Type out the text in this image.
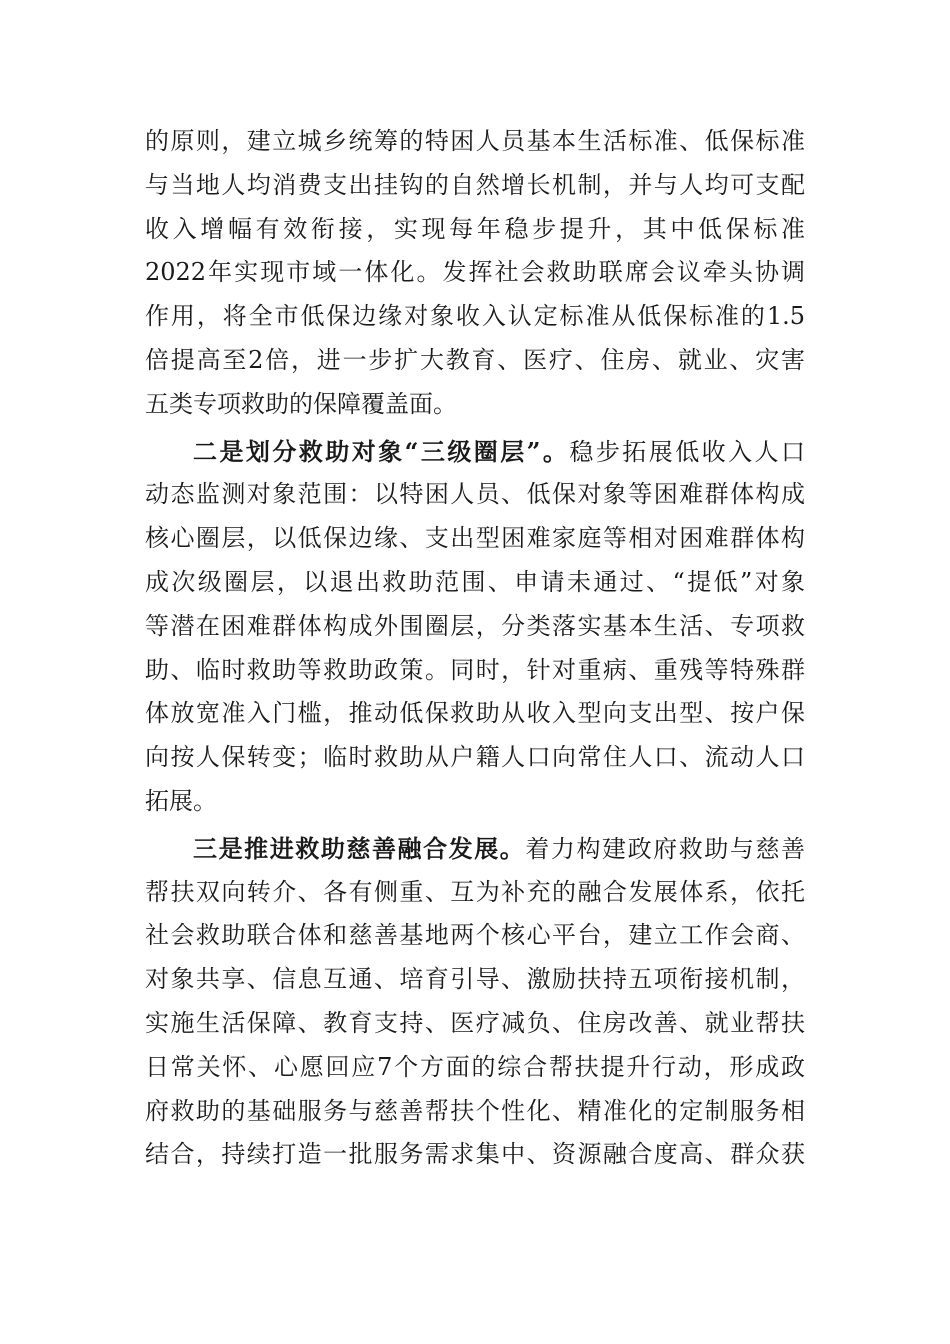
的原则，建立城乡统筹的特困人员基本生活标准、低保标准
与当地人均消费支出挂钩的自然增长机制，并与人均可支配
收入增幅有效衔接，实现每年稳步提升，其中低保标准
2022年实现市域一体化。发挥社会救助联席会议牵头协调
作用，将全市低保边缘对象收入认定标准从低保标准的1.5
倍提高至2倍，进一步扩大教育、医疗、住房、就业、灾害
五类专项救助的保障覆盖面。
二是划分救助对象“三级圈层”。稳步拓展低收入人口
动态监测对象范围：以特困人员、低保对象等困难群体构成
核心圈层，以低保边缘、支出型困难家庭等相对困难群体构
成次级圈层，以退出救助范围、申请未通过、“提低”对象
等潜在困难群体构成外围圈层，分类落实基本生活、专项救
助、临时救助等救助政策。同时，针对重病、重残等特殊群
体放宽准入门槛，推动低保救助从收入型向支出型、按户保
向按人保转变；临时救助从户籍人口向常住人口、流动人口
拓展。
三是推进救助慈善融合发展。着力构建政府救助与慈善
帮扶双向转介、各有侧重、互为补充的融合发展体系，依托
社会救助联合体和慈善基地两个核心平台，建立工作会商、
对象共享、信息互通、培育引导、激励扶持五项衔接机制，
实施生活保障、教育支持、医疗减负、住房改善、就业帮扶
日常关怀、心愿回应7个方面的综合帮扶提升行动，形成政
府救助的基础服务与慈善帮扶个性化、精准化的定制服务相
结合，持续打造一批服务需求集中、资源融合度高、群众获
